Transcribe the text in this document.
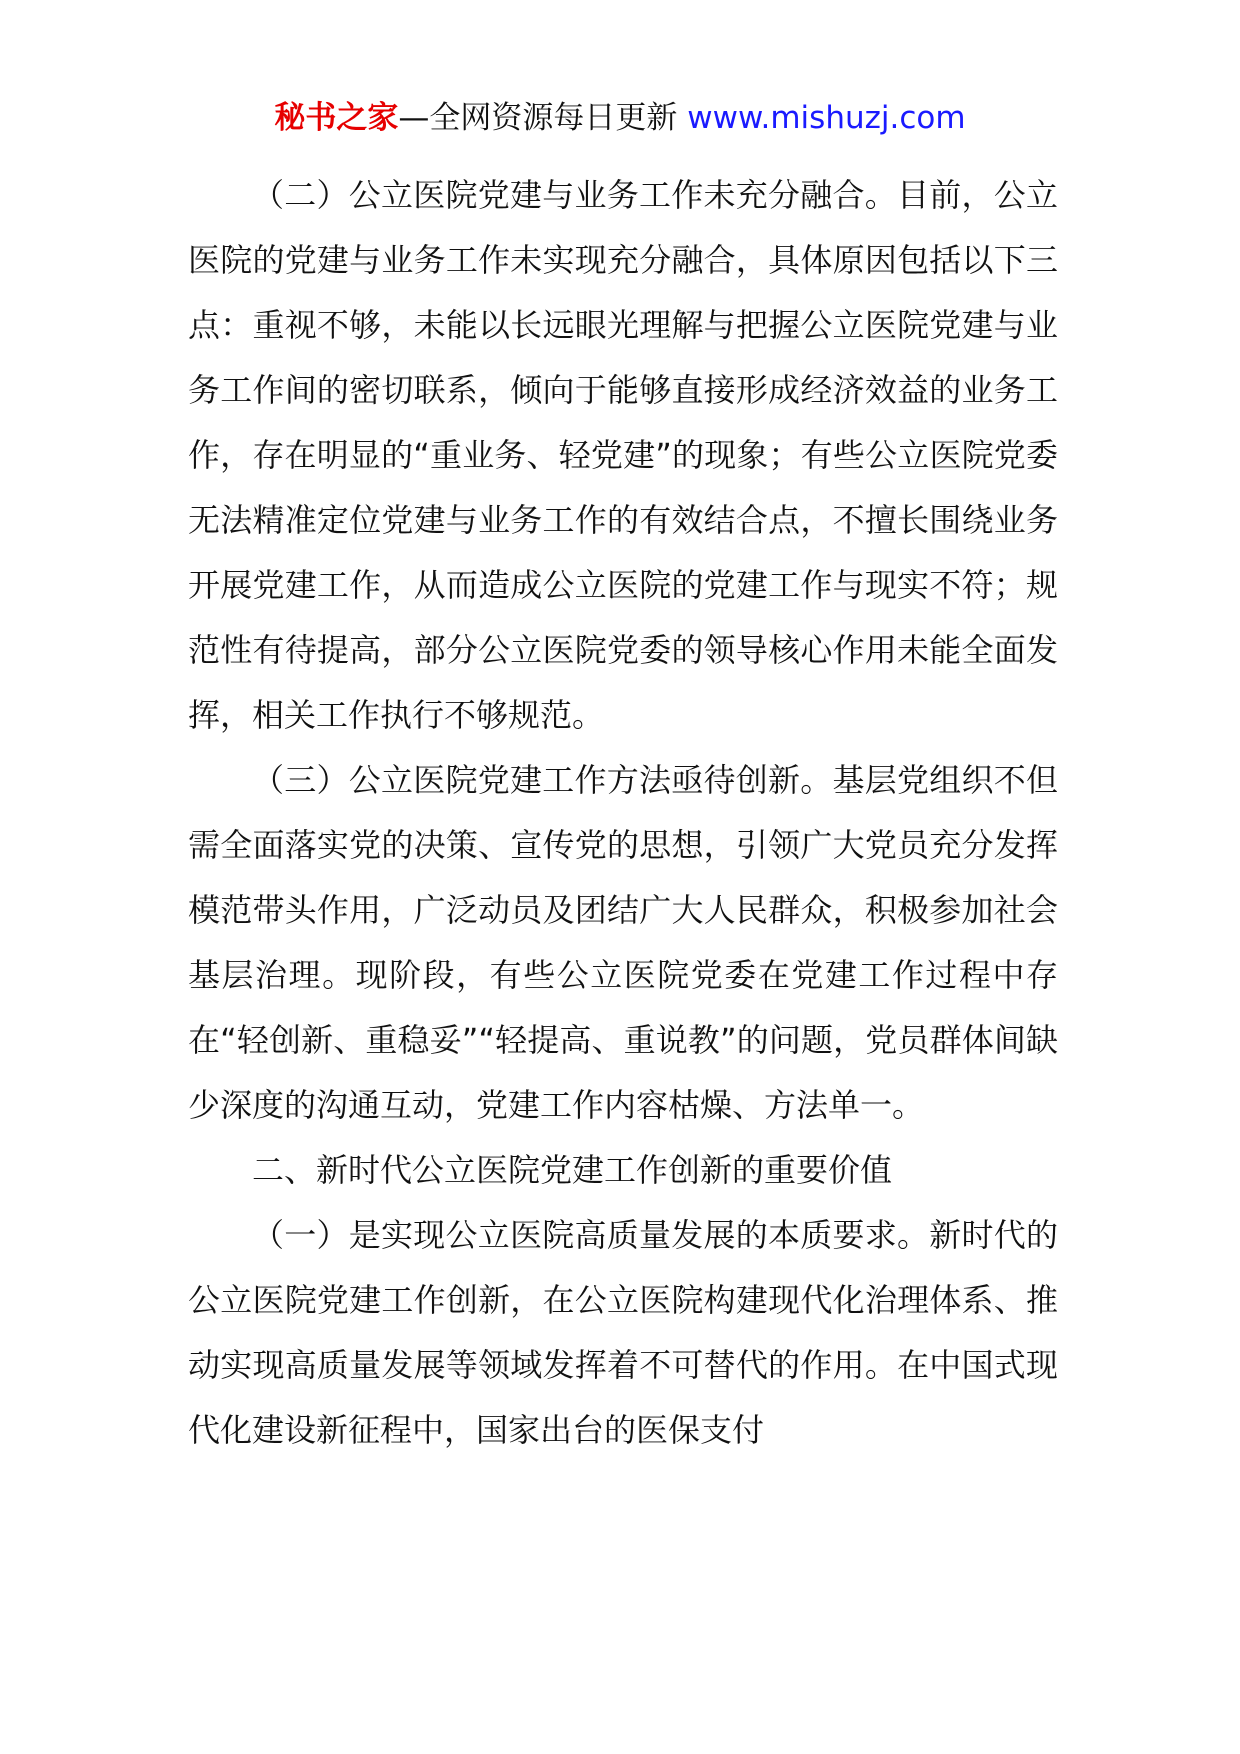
秘书之家—全网资源每日更新 www.mishuzj.com

（二）公立医院党建与业务工作未充分融合。目前，公立医院的党建与业务工作未实现充分融合，具体原因包括以下三点：重视不够，未能以长远眼光理解与把握公立医院党建与业务工作间的密切联系，倾向于能够直接形成经济效益的业务工作，存在明显的“重业务、轻党建”的现象；有些公立医院党委无法精准定位党建与业务工作的有效结合点，不擅长围绕业务开展党建工作，从而造成公立医院的党建工作与现实不符；规范性有待提高，部分公立医院党委的领导核心作用未能全面发挥，相关工作执行不够规范。

（三）公立医院党建工作方法亟待创新。基层党组织不但需全面落实党的决策、宣传党的思想，引领广大党员充分发挥模范带头作用，广泛动员及团结广大人民群众，积极参加社会基层治理。现阶段，有些公立医院党委在党建工作过程中存在“轻创新、重稳妥”“轻提高、重说教”的问题，党员群体间缺少深度的沟通互动，党建工作内容枯燥、方法单一。

二、新时代公立医院党建工作创新的重要价值

（一）是实现公立医院高质量发展的本质要求。新时代的公立医院党建工作创新，在公立医院构建现代化治理体系、推动实现高质量发展等领域发挥着不可替代的作用。在中国式现代化建设新征程中，国家出台的医保支付
